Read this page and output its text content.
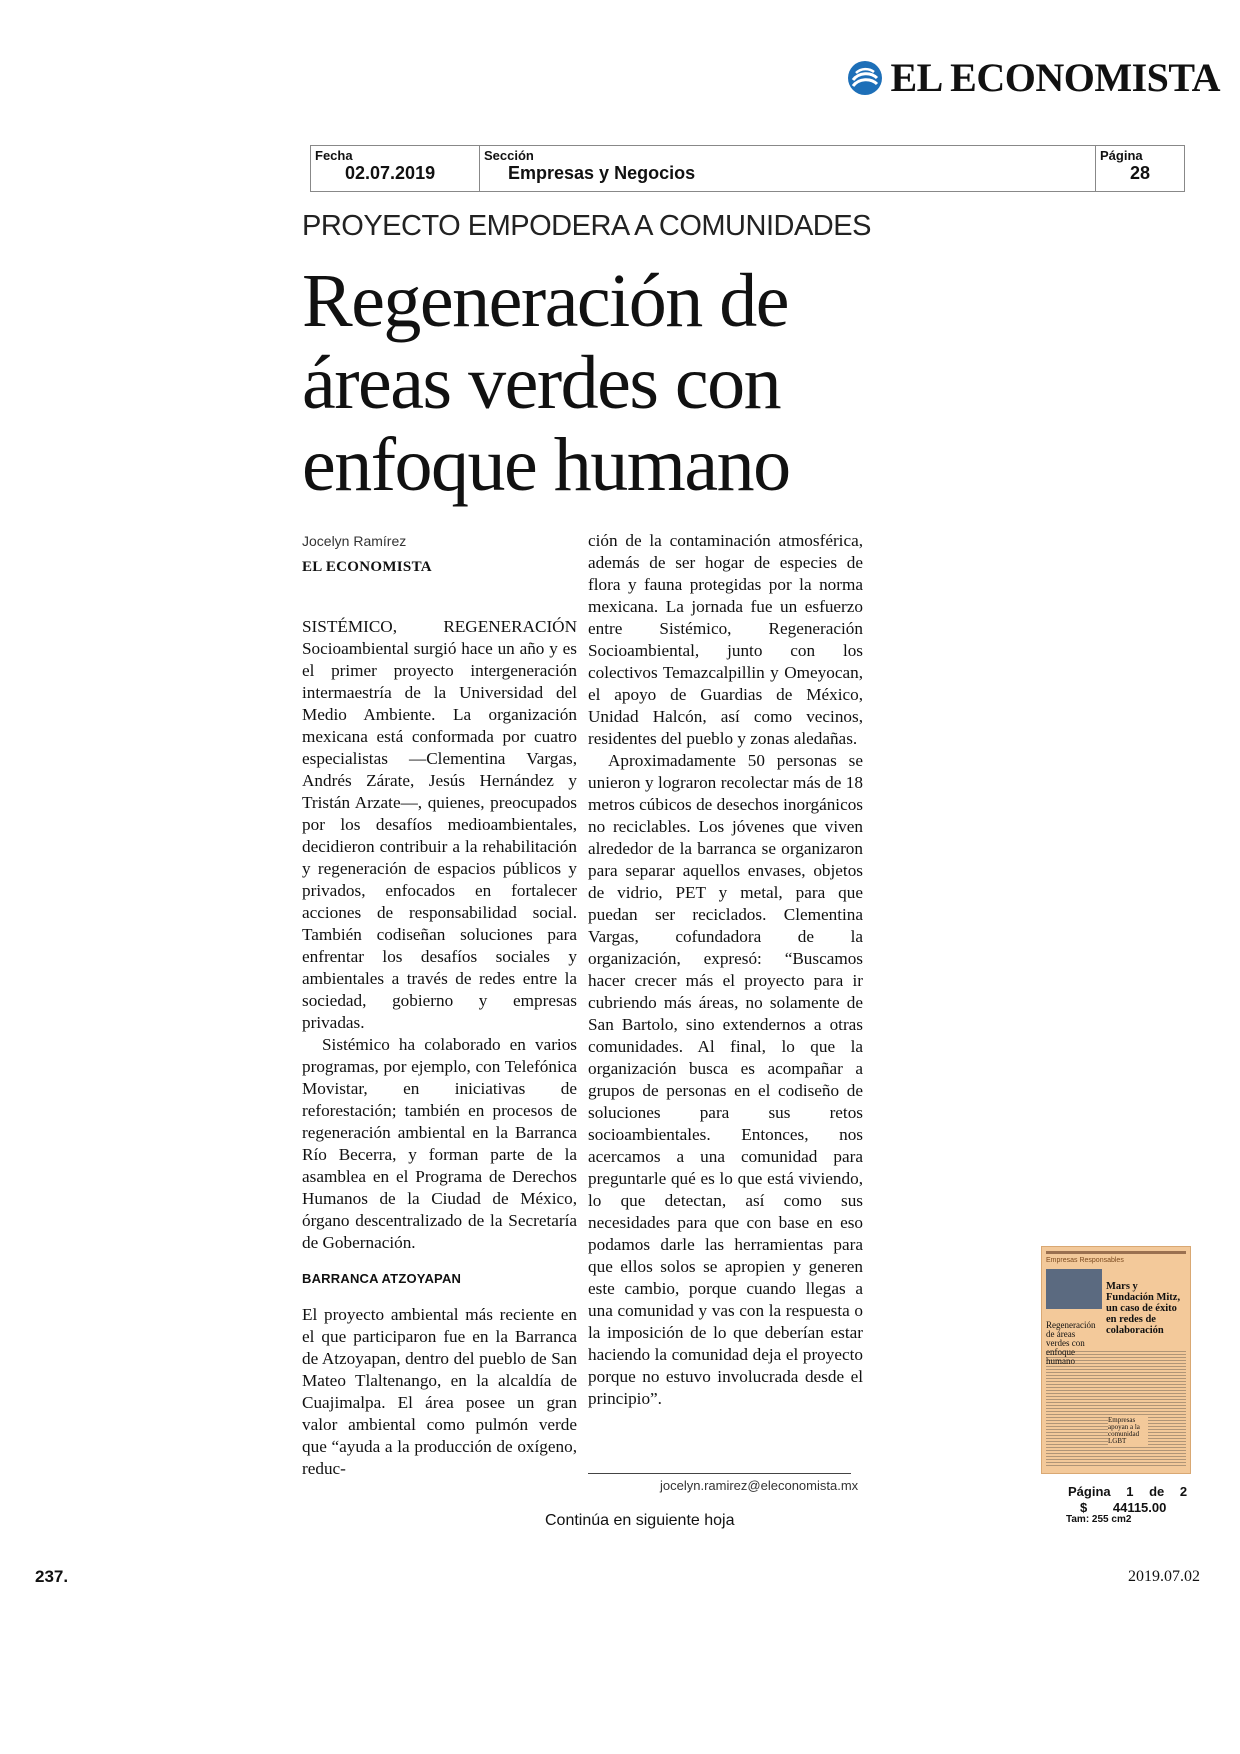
EL ECONOMISTA
Fecha
02.07.2019

Sección
Empresas y Negocios

Página
28
PROYECTO EMPODERA A COMUNIDADES
Regeneración de áreas verdes con enfoque humano
Jocelyn Ramírez
EL ECONOMISTA

SISTÉMICO, REGENERACIÓN Socioambiental surgió hace un año y es el primer proyecto intergeneración intermaestría de la Universidad del Medio Ambiente. La organización mexicana está conformada por cuatro especialistas —Clementina Vargas, Andrés Zárate, Jesús Hernández y Tristán Arzate—, quienes, preocupados por los desafíos medioambientales, decidieron contribuir a la rehabilitación y regeneración de espacios públicos y privados, enfocados en fortalecer acciones de responsabilidad social. También codiseñan soluciones para enfrentar los desafíos sociales y ambientales a través de redes entre la sociedad, gobierno y empresas privadas.

Sistémico ha colaborado en varios programas, por ejemplo, con Telefónica Movistar, en iniciativas de reforestación; también en procesos de regeneración ambiental en la Barranca Río Becerra, y forman parte de la asamblea en el Programa de Derechos Humanos de la Ciudad de México, órgano descentralizado de la Secretaría de Gobernación.

BARRANCA ATZOYAPAN

El proyecto ambiental más reciente en el que participaron fue en la Barranca de Atzoyapan, dentro del pueblo de San Mateo Tlaltenango, en la alcaldía de Cuajimalpa. El área posee un gran valor ambiental como pulmón verde que “ayuda a la producción de oxígeno, reduc-

ción de la contaminación atmosférica, además de ser hogar de especies de flora y fauna protegidas por la norma mexicana. La jornada fue un esfuerzo entre Sistémico, Regeneración Socioambiental, junto con los colectivos Temazcalpillin y Omeyocan, el apoyo de Guardias de México, Unidad Halcón, así como vecinos, residentes del pueblo y zonas aledañas.

Aproximadamente 50 personas se unieron y lograron recolectar más de 18 metros cúbicos de desechos inorgánicos no reciclables. Los jóvenes que viven alrededor de la barranca se organizaron para separar aquellos envases, objetos de vidrio, PET y metal, para que puedan ser reciclados. Clementina Vargas, cofundadora de la organización, expresó: “Buscamos hacer crecer más el proyecto para ir cubriendo más áreas, no solamente de San Bartolo, sino extendernos a otras comunidades. Al final, lo que la organización busca es acompañar a grupos de personas en el codiseño de soluciones para sus retos socioambientales. Entonces, nos acercamos a una comunidad para preguntarle qué es lo que está viviendo, lo que detectan, así como sus necesidades para que con base en eso podamos darle las herramientas para que ellos solos se apropien y generen este cambio, porque cuando llegas a una comunidad y vas con la respuesta o la imposición de lo que deberían estar haciendo la comunidad deja el proyecto porque no estuvo involucrada desde el principio”.

jocelyn.ramirez@eleconomista.mx
Continúa en siguiente hoja
Empresas Responsables
Mars y Fundación Mitz, un caso de éxito en redes de colaboración
Regeneración de áreas verdes con enfoque humano
Empresas apoyan a la comunidad LGBT
Página 1 de 2
$ 44115.00
Tam: 255 cm2
237.	2019.07.02
